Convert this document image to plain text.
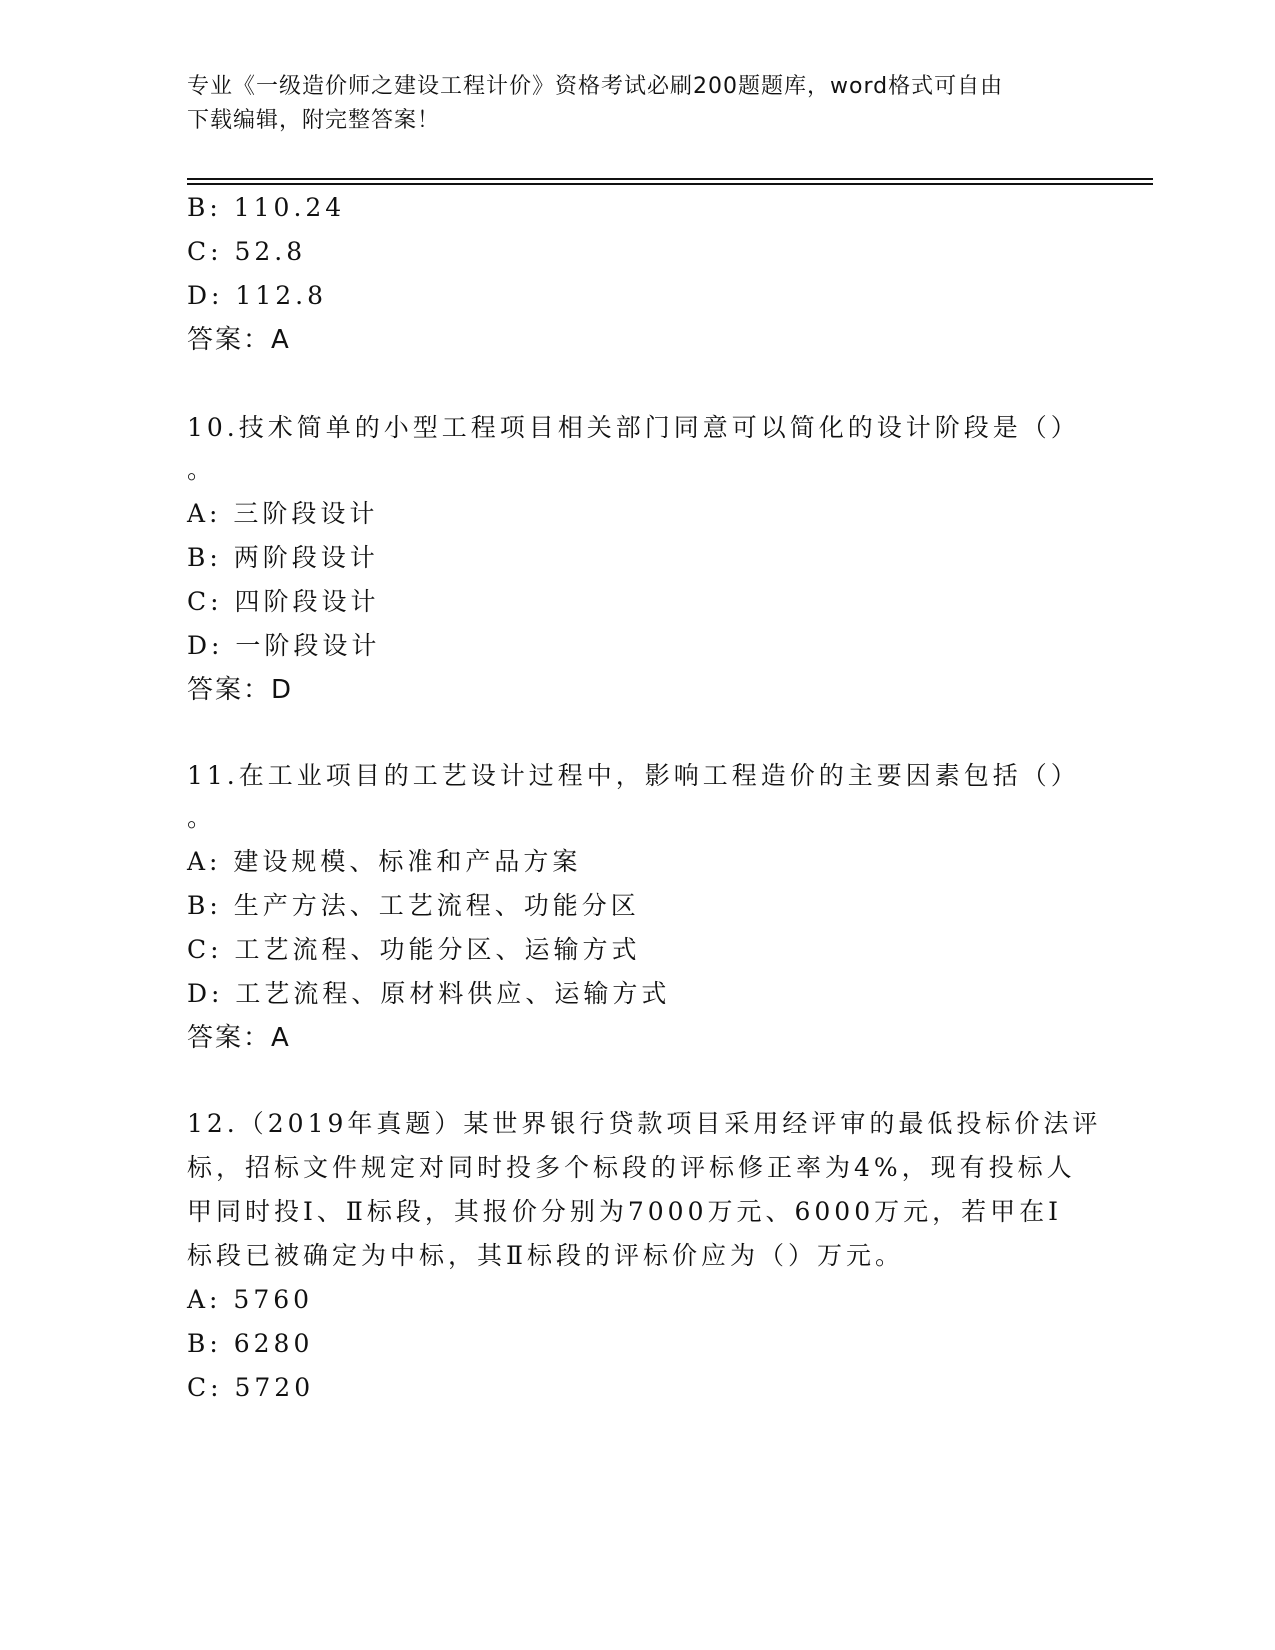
专业《一级造价师之建设工程计价》资格考试必刷200题题库，word格式可自由
下载编辑，附完整答案！
B: 110.24
C: 52.8
D: 112.8
答案：A
10.技术简单的小型工程项目相关部门同意可以简化的设计阶段是（）
。
A: 三阶段设计
B: 两阶段设计
C: 四阶段设计
D: 一阶段设计
答案：D
11.在工业项目的工艺设计过程中，影响工程造价的主要因素包括（）
。
A: 建设规模、标准和产品方案
B: 生产方法、工艺流程、功能分区
C: 工艺流程、功能分区、运输方式
D: 工艺流程、原材料供应、运输方式
答案：A
12.（2019年真题）某世界银行贷款项目采用经评审的最低投标价法评
标，招标文件规定对同时投多个标段的评标修正率为4%，现有投标人
甲同时投Ⅰ、Ⅱ标段，其报价分别为7000万元、6000万元，若甲在Ⅰ
标段已被确定为中标，其Ⅱ标段的评标价应为（）万元。
A: 5760
B: 6280
C: 5720
